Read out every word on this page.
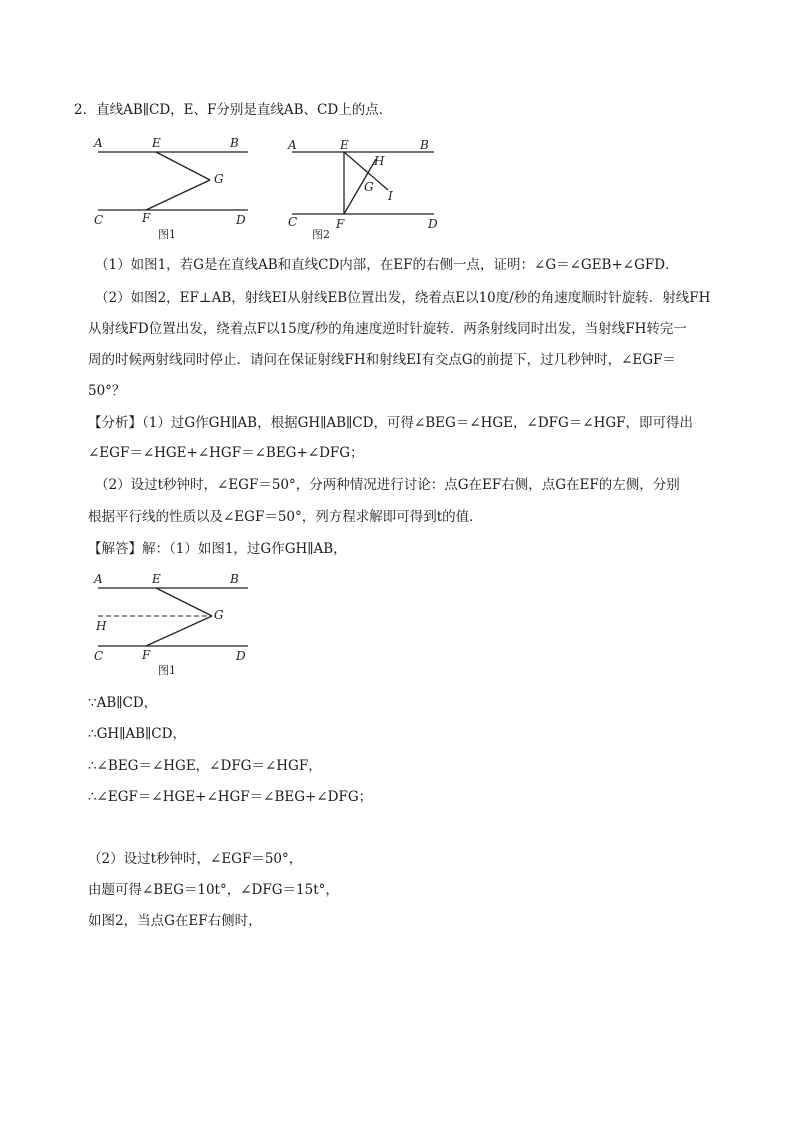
2．直线AB∥CD，E、F分别是直线AB、CD上的点．
A	E	B
G
C	F	D
图1
A	E	B
H
G
I
C	F	D
图2
（1）如图1，若G是在直线AB和直线CD内部，在EF的右侧一点，证明：∠G＝∠GEB+∠GFD．
（2）如图2，EF⊥AB，射线EI从射线EB位置出发，绕着点E以10度/秒的角速度顺时针旋转．射线FH
从射线FD位置出发，绕着点F以15度/秒的角速度逆时针旋转．两条射线同时出发，当射线FH转完一
周的时候两射线同时停止．请问在保证射线FH和射线EI有交点G的前提下，过几秒钟时，∠EGF＝
50°？
【分析】（1）过G作GH∥AB，根据GH∥AB∥CD，可得∠BEG＝∠HGE，∠DFG＝∠HGF，即可得出
∠EGF＝∠HGE+∠HGF＝∠BEG+∠DFG；
（2）设过t秒钟时，∠EGF＝50°，分两种情况进行讨论：点G在EF右侧，点G在EF的左侧，分别
根据平行线的性质以及∠EGF＝50°，列方程求解即可得到t的值．
【解答】解：（1）如图1，过G作GH∥AB，
A	E	B
G
H
C	F	D
图1
∵AB∥CD，
∴GH∥AB∥CD，
∴∠BEG＝∠HGE，∠DFG＝∠HGF，
∴∠EGF＝∠HGE+∠HGF＝∠BEG+∠DFG；
（2）设过t秒钟时，∠EGF＝50°，
由题可得∠BEG＝10t°，∠DFG＝15t°，
如图2，当点G在EF右侧时，
